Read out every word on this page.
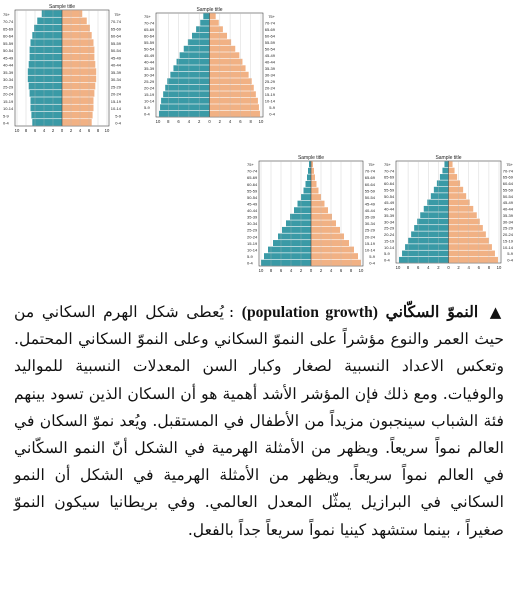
Sample title
75+	75+
70-74	70-74
65-69	65-69
60-64	60-64
55-59	55-59
50-54	50-54
45-49	45-49
40-44	40-44
35-39	35-39
30-34	30-34
25-29	25-29
20-24	20-24
15-19	15-19
10-14	10-14
5-9	5-9
0-4	0-4
10 8 6 4 2 0 2 4 6 8 10
Sample title
75+	75+
70-74	70-74
65-69	65-69
60-64	60-64
55-59	55-59
50-54	50-54
45-49	45-49
40-44	40-44
35-39	35-39
30-34	30-34
25-29	25-29
20-24	20-24
15-19	15-19
10-14	10-14
5-9	5-9
0-4	0-4
10 8 6 4 2 0 2 4 6 8 10
Sample title
75+	75+
70-74	70-74
65-69	65-69
60-64	60-64
55-59	55-59
50-54	50-54
45-49	45-49
40-44	40-44
35-39	35-39
30-34	30-34
25-29	25-29
20-24	20-24
15-19	15-19
10-14	10-14
5-9	5-9
0-4	0-4
10 8 6 4 2 0 2 4 6 8 10
Sample title
75+	75+
70-74	70-74
65-69	65-69
60-64	60-64
55-59	55-59
50-54	50-54
45-49	45-49
40-44	40-44
35-39	35-39
30-34	30-34
25-29	25-29
20-24	20-24
15-19	15-19
10-14	10-14
5-9	5-9
0-4	0-4
10 8 6 4 2 0 2 4 6 8 10
▲ النموّ السكّاني (population growth) : يُعطى شكل الهرم السكاني من حيث العمر والنوع مؤشراً على النموّ السكاني وعلى النموّ السكاني المحتمل. وتعكس الاعداد النسبية لصغار وكبار السن المعدلات النسبية للمواليد والوفيات. ومع ذلك فإن المؤشر الأشد أهمية هو أن السكان الذين تسود بينهم فئة الشباب سينجبون مزيداً من الأطفال في المستقبل. ويُعد نموّ السكان في العالم نمواً سريعاً. ويظهر من الأمثلة الهرمية في الشكل أنّ النمو السكّاني في العالم نمواً سريعاً. ويظهر من الأمثلة الهرمية في الشكل أن النمو السكاني في البرازيل يمثّل المعدل العالمي. وفي بريطانيا سيكون النموّ صغيراً ، بينما ستشهد كينيا نمواً سريعاً جداً بالفعل.
